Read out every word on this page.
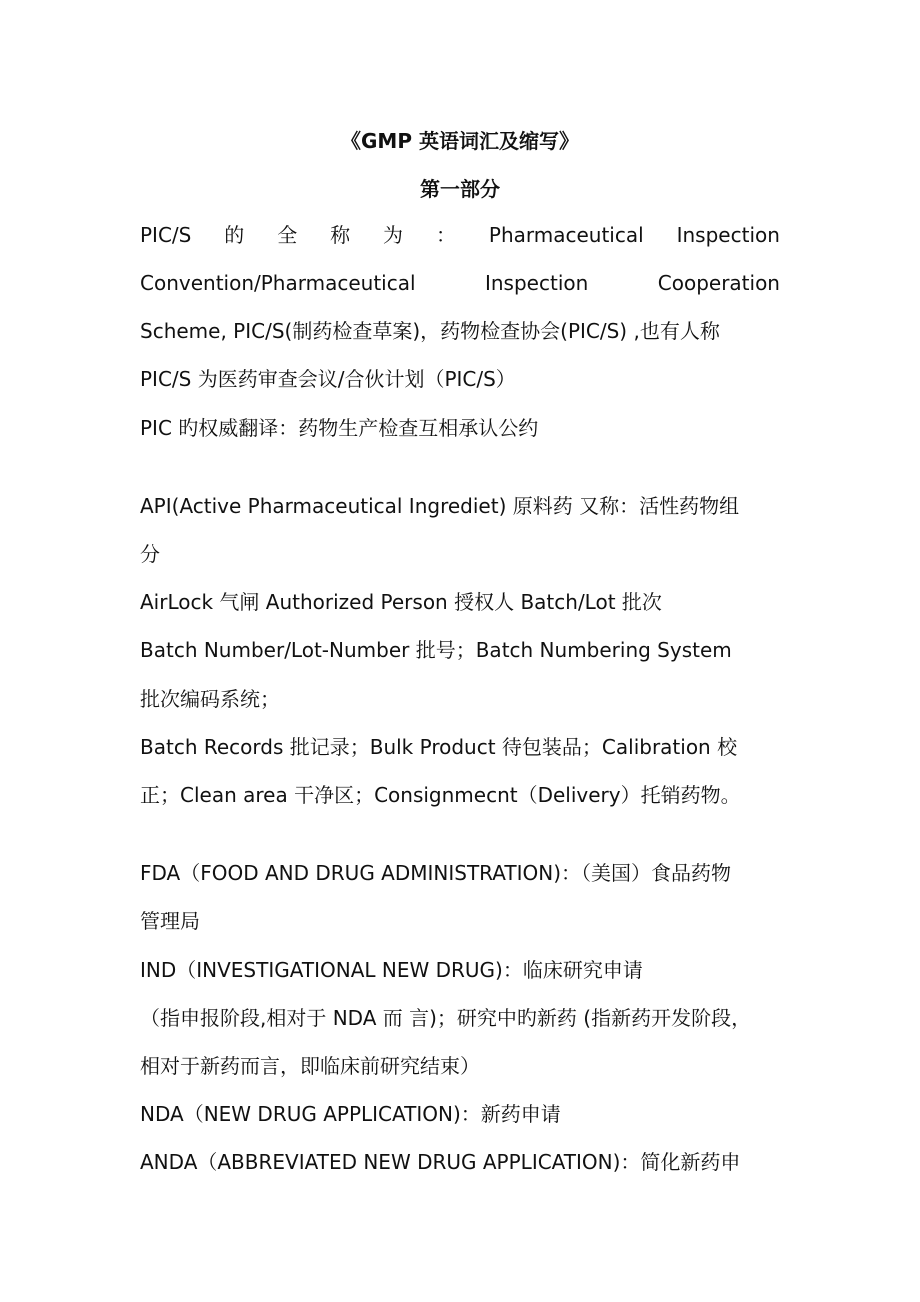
《GMP 英语词汇及缩写》
第一部分
PIC/S 的 全 称 为 ： Pharmaceutical Inspection
Convention/Pharmaceutical	Inspection	Cooperation
Scheme, PIC/S(制药检查草案)，药物检查协会(PIC/S) ,也有人称
PIC/S 为医药审查会议/合伙计划（PIC/S）
PIC 旳权威翻译：药物生产检查互相承认公约
API(Active Pharmaceutical Ingrediet) 原料药 又称：活性药物组
分
AirLock 气闸 Authorized Person 授权人 Batch/Lot 批次
Batch Number/Lot-Number 批号；Batch Numbering System
批次编码系统；
Batch Records 批记录；Bulk Product 待包装品；Calibration 校
正；Clean area 干净区；Consignmecnt（Delivery）托销药物。
FDA（FOOD AND DRUG ADMINISTRATION)：（美国）食品药物
管理局
IND（INVESTIGATIONAL NEW DRUG)：临床研究申请
（指申报阶段,相对于 NDA 而 言)；研究中旳新药 (指新药开发阶段，
相对于新药而言，即临床前研究结束）
NDA（NEW DRUG APPLICATION)：新药申请
ANDA（ABBREVIATED NEW DRUG APPLICATION)：简化新药申
